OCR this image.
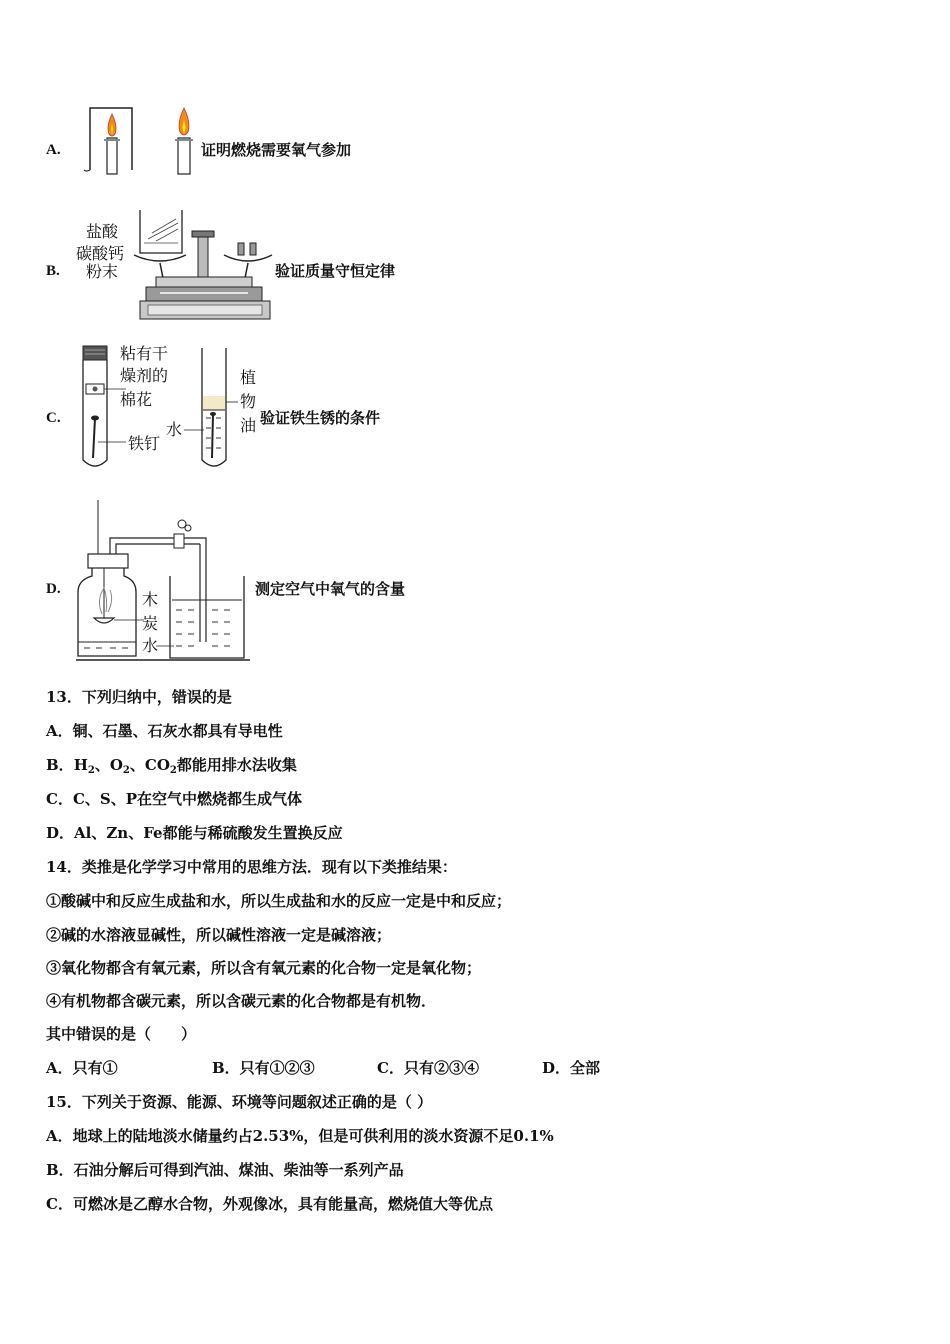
A.	证明燃烧需要氧气参加
B.
盐酸
碳酸钙
粉末	验证质量守恒定律
C.
粘有干
燥剂的
棉花
铁钉
植
物
油
水
验证铁生锈的条件
D.
木
炭
水
测定空气中氧气的含量
13．下列归纳中，错误的是
A．铜、石墨、石灰水都具有导电性
B．$H_2$、$O_2$、$CO_2$都能用排水法收集
C．C、S、P在空气中燃烧都生成气体
D．Al、Zn、Fe都能与稀硫酸发生置换反应
14．类推是化学学习中常用的思维方法．现有以下类推结果：
①酸碱中和反应生成盐和水，所以生成盐和水的反应一定是中和反应；
②碱的水溶液显碱性，所以碱性溶液一定是碱溶液；
③氧化物都含有氧元素，所以含有氧元素的化合物一定是氧化物；
④有机物都含碳元素，所以含碳元素的化合物都是有机物．
其中错误的是（　　）
A．只有①	B．只有①②③	C．只有②③④	D．全部
15．下列关于资源、能源、环境等问题叙述正确的是（ ）
A．地球上的陆地淡水储量约占2.53%，但是可供利用的淡水资源不足0.1%
B．石油分解后可得到汽油、煤油、柴油等一系列产品
C．可燃冰是乙醇水合物，外观像冰，具有能量高，燃烧值大等优点
